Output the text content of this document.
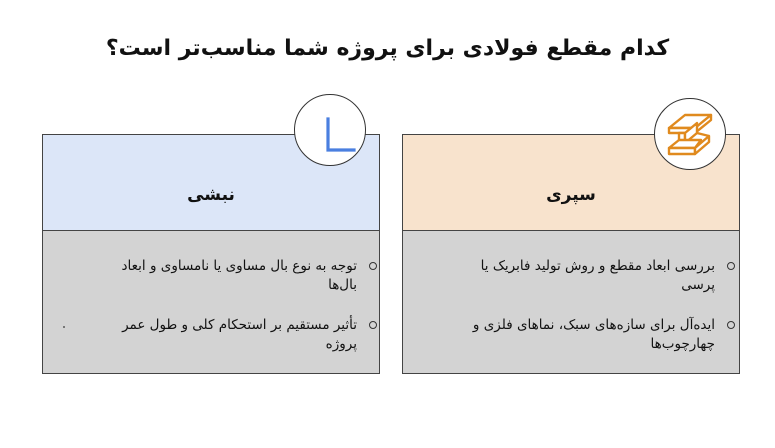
کدام مقطع فولادی برای پروژه شما مناسب‌تر است؟
نبشی
توجه به نوع بال مساوی یا نامساوی و ابعاد
بال‌ها
تأثیر مستقیم بر استحکام کلی و طول عمر
پروژه
سپری
بررسی ابعاد مقطع و روش تولید فابریک یا
پرسی
ایده‌آل برای سازه‌های سبک، نماهای فلزی و
چهارچوب‌ها
